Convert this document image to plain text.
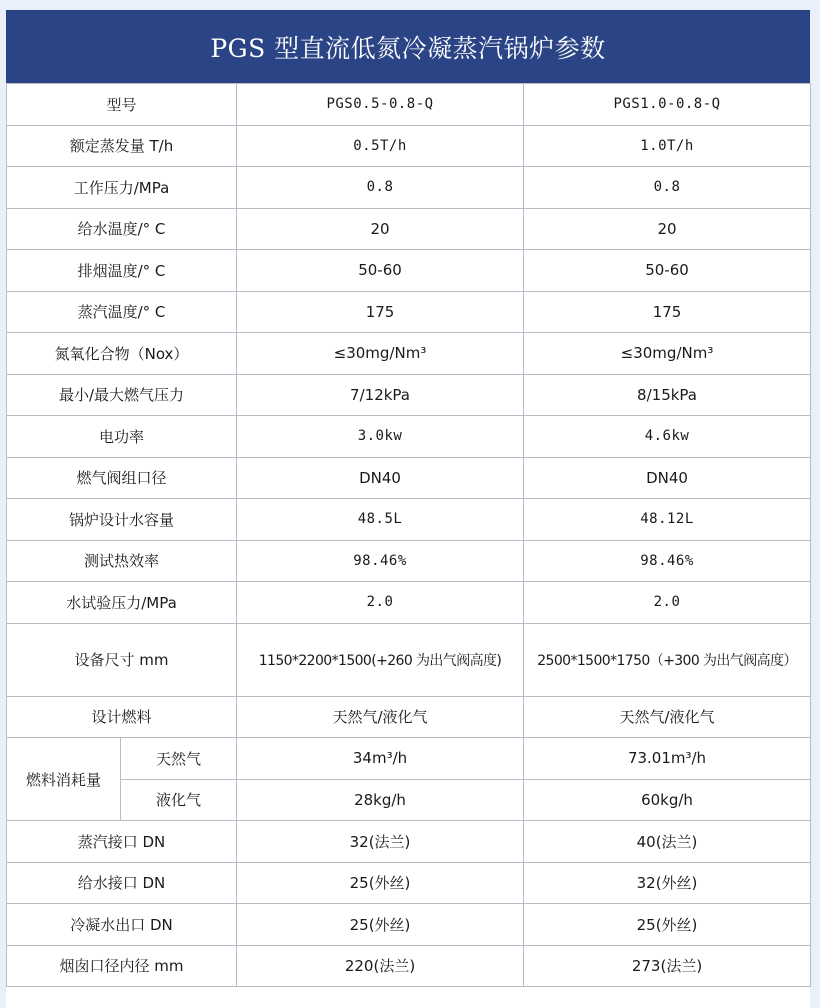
PGS 型直流低氮冷凝蒸汽锅炉参数
型号		PGS0.5-0.8-Q	PGS1.0-0.8-Q
额定蒸发量 T/h		0.5T/h	1.0T/h
工作压力/MPa		0.8	0.8
给水温度/° C		20	20
排烟温度/° C		50-60	50-60
蒸汽温度/° C		175	175
氮氧化合物（Nox）		≤30mg/Nm³	≤30mg/Nm³
最小/最大燃气压力		7/12kPa	8/15kPa
电功率		3.0kw	4.6kw
燃气阀组口径		DN40	DN40
锅炉设计水容量		48.5L	48.12L
测试热效率		98.46%	98.46%
水试验压力/MPa		2.0	2.0
设备尺寸 mm		1150*2200*1500(+260 为出气阀高度)	2500*1500*1750（+300 为出气阀高度）
设计燃料		天然气/液化气	天然气/液化气
燃料消耗量	天然气	34m³/h	73.01m³/h
	液化气	28kg/h	60kg/h
蒸汽接口 DN		32(法兰)	40(法兰)
给水接口 DN		25(外丝)	32(外丝)
冷凝水出口 DN		25(外丝)	25(外丝)
烟囱口径内径 mm		220(法兰)	273(法兰)
